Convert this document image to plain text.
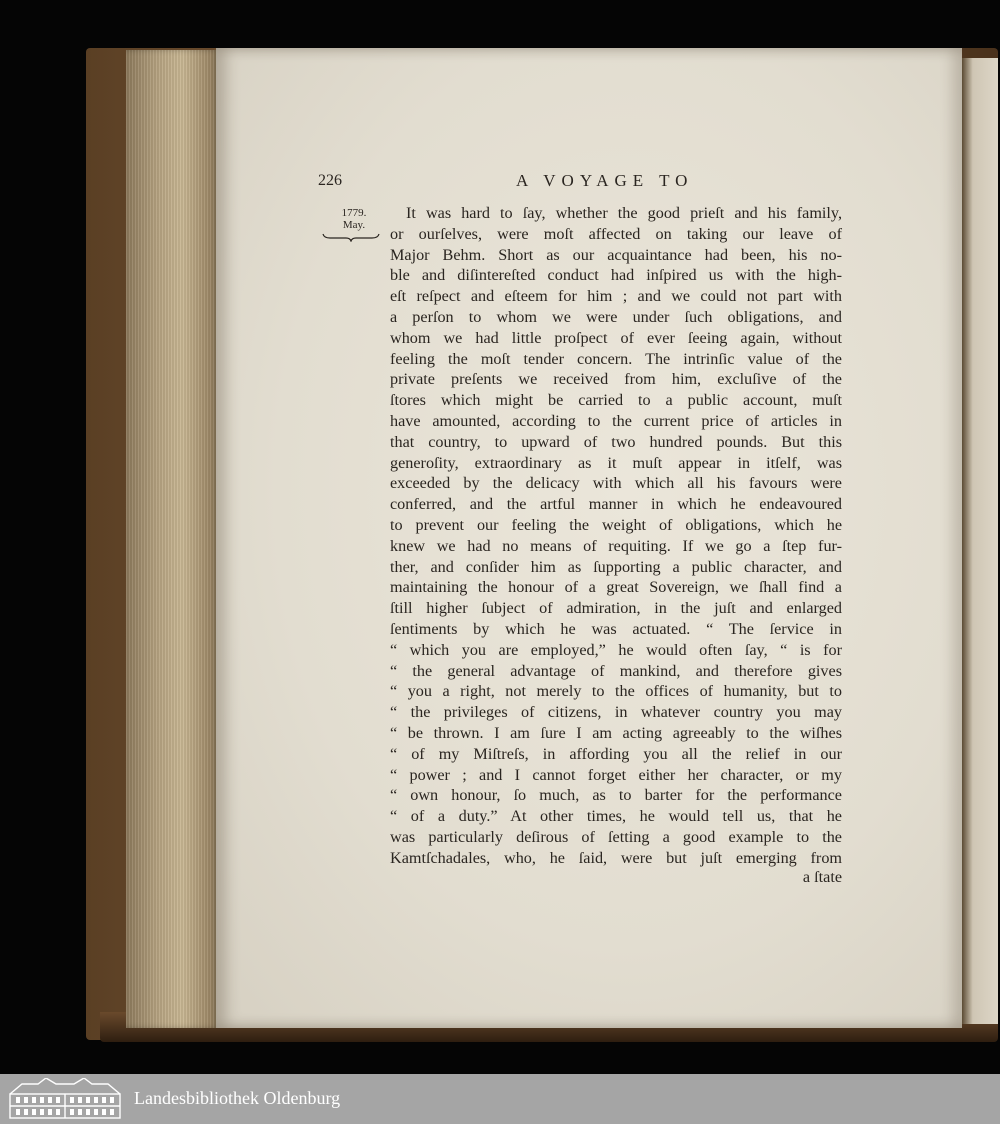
226	A VOYAGE TO
1779.
May.
It was hard to ſay, whether the good prieſt and his family,
or ourſelves, were moſt affected on taking our leave of
Major Behm. Short as our acquaintance had been, his no-
ble and diſintereſted conduct had inſpired us with the high-
eſt reſpect and eſteem for him ; and we could not part with
a perſon to whom we were under ſuch obligations, and
whom we had little proſpect of ever ſeeing again, without
feeling the moſt tender concern. The intrinſic value of the
private preſents we received from him, excluſive of the
ſtores which might be carried to a public account, muſt
have amounted, according to the current price of articles in
that country, to upward of two hundred pounds. But this
generoſity, extraordinary as it muſt appear in itſelf, was
exceeded by the delicacy with which all his favours were
conferred, and the artful manner in which he endeavoured
to prevent our feeling the weight of obligations, which he
knew we had no means of requiting. If we go a ſtep fur-
ther, and conſider him as ſupporting a public character, and
maintaining the honour of a great Sovereign, we ſhall find a
ſtill higher ſubject of admiration, in the juſt and enlarged
ſentiments by which he was actuated. “ The ſervice in
“ which you are employed,” he would often ſay, “ is for
“ the general advantage of mankind, and therefore gives
“ you a right, not merely to the offices of humanity, but to
“ the privileges of citizens, in whatever country you may
“ be thrown. I am ſure I am acting agreeably to the wiſhes
“ of my Miſtreſs, in affording you all the relief in our
“ power ; and I cannot forget either her character, or my
“ own honour, ſo much, as to barter for the performance
“ of a duty.” At other times, he would tell us, that he
was particularly deſirous of ſetting a good example to the
Kamtſchadales, who, he ſaid, were but juſt emerging from
a ſtate
Landesbibliothek Oldenburg
